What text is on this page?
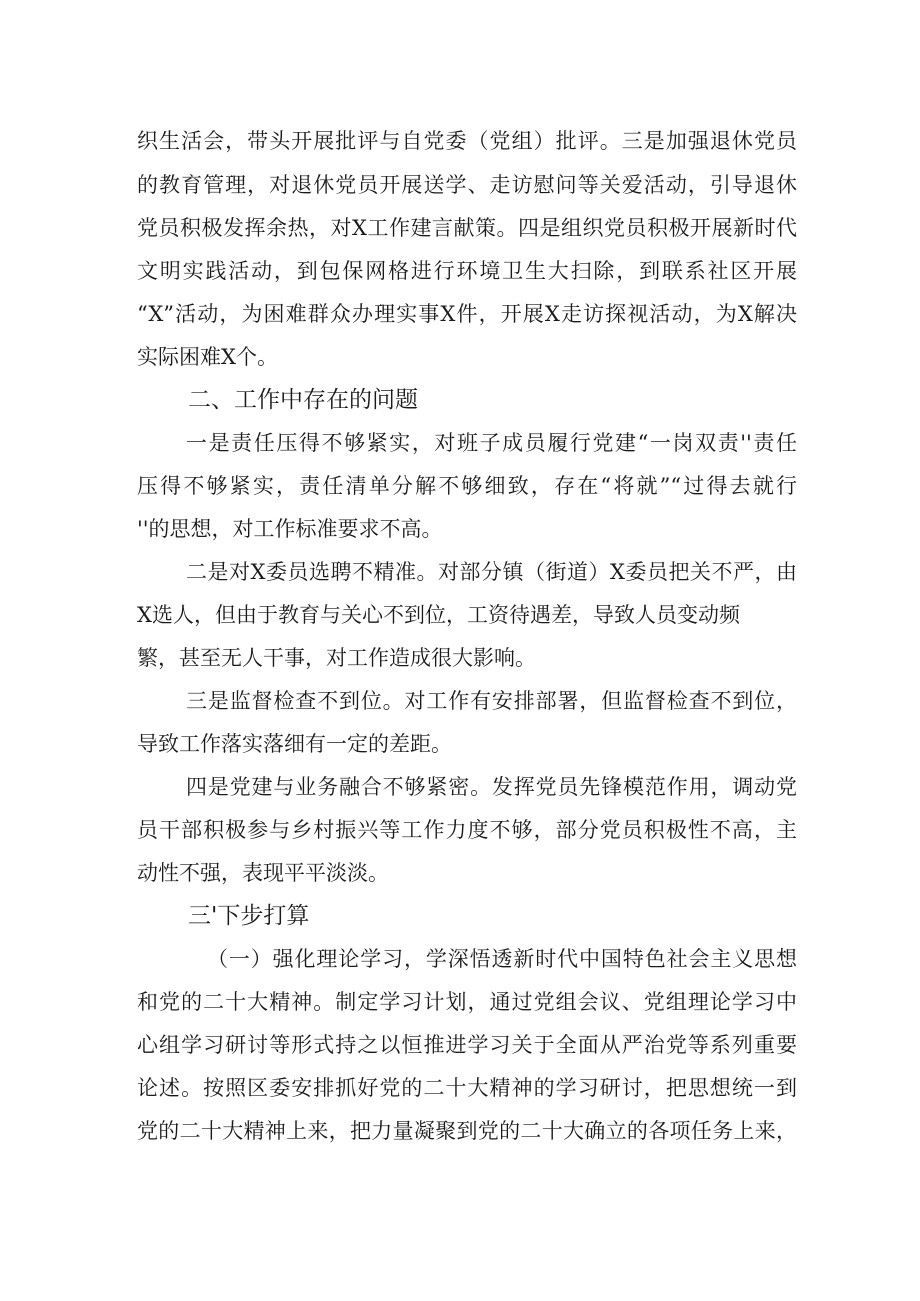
织生活会，带头开展批评与自党委（党组）批评。三是加强退休党员
的教育管理，对退休党员开展送学、走访慰问等关爱活动，引导退休
党员积极发挥余热，对X工作建言献策。四是组织党员积极开展新时代
文明实践活动，到包保网格进行环境卫生大扫除，到联系社区开展
“X”活动，为困难群众办理实事X件，开展X走访探视活动，为X解决
实际困难X个。
二、工作中存在的问题
一是责任压得不够紧实，对班子成员履行党建“一岗双责''责任
压得不够紧实，责任清单分解不够细致，存在“将就”“过得去就行
''的思想，对工作标准要求不高。
二是对X委员选聘不精准。对部分镇（街道）X委员把关不严，由
X选人，但由于教育与关心不到位，工资待遇差，导致人员变动频
繁，甚至无人干事，对工作造成很大影响。
三是监督检查不到位。对工作有安排部署，但监督检查不到位，
导致工作落实落细有一定的差距。
四是党建与业务融合不够紧密。发挥党员先锋模范作用，调动党
员干部积极参与乡村振兴等工作力度不够，部分党员积极性不高，主
动性不强，表现平平淡淡。
三'下步打算
（一）强化理论学习，学深悟透新时代中国特色社会主义思想
和党的二十大精神。制定学习计划，通过党组会议、党组理论学习中
心组学习研讨等形式持之以恒推进学习关于全面从严治党等系列重要
论述。按照区委安排抓好党的二十大精神的学习研讨，把思想统一到
党的二十大精神上来，把力量凝聚到党的二十大确立的各项任务上来，
